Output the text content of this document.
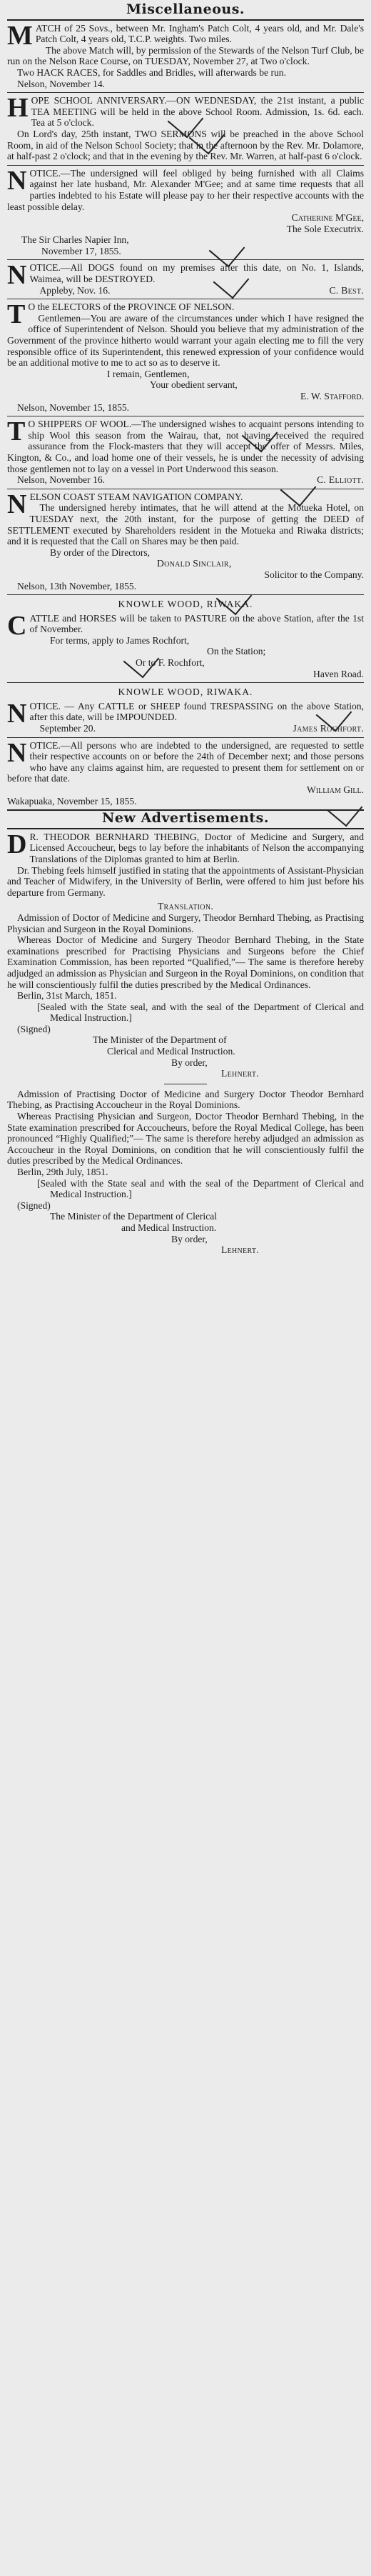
Miscellaneous.

MATCH of 25 Sovs., between Mr. Ingham's Patch Colt, 4 years old, and Mr. Dale's Patch Colt, 4 years old, T.C.P. weights. Two miles.

The above Match will, by permission of the Stewards of the Nelson Turf Club, be run on the Nelson Race Course, on TUESDAY, November 27, at Two o'clock.

Two HACK RACES, for Saddles and Bridles, will afterwards be run.

Nelson, November 14.

HOPE SCHOOL ANNIVERSARY.—ON WEDNESDAY, the 21st instant, a public TEA MEETING will be held in the above School Room. Admission, 1s. 6d. each. Tea at 5 o'clock.

On Lord's day, 25th instant, TWO SERMONS will be preached in the above School Room, in aid of the Nelson School Society; that in the afternoon by the Rev. Mr. Dolamore, at half-past 2 o'clock; and that in the evening by the Rev. Mr. Warren, at half-past 6 o'clock.

NOTICE.—The undersigned will feel obliged by being furnished with all Claims against her late husband, Mr. Alexander M'Gee; and at same time requests that all parties indebted to his Estate will please pay to her their respective accounts with the least possible delay.

Catherine M'Gee,

The Sole Executrix.

The Sir Charles Napier Inn,

November 17, 1855.

NOTICE.—All DOGS found on my premises after this date, on No. 1, Islands, Waimea, will be DESTROYED.

Appleby, Nov. 16.	C. Best.

T O the ELECTORS of the PROVINCE OF NELSON.

Gentlemen—You are aware of the circumstances under which I have resigned the office of Superintendent of Nelson. Should you believe that my administration of the Government of the province hitherto would warrant your again electing me to fill the very responsible office of its Superintendent, this renewed expression of your confidence would be an additional motive to me to act so as to deserve it.

I remain, Gentlemen,

Your obedient servant,

E. W. Stafford.

Nelson, November 15, 1855.

T O SHIPPERS OF WOOL.—The undersigned wishes to acquaint persons intending to ship Wool this season from the Wairau, that, not having received the required assurance from the Flock-masters that they will accept the offer of Messrs. Miles, Kington, & Co., and load home one of their vessels, he is under the necessity of advising those gentlemen not to lay on a vessel in Port Underwood this season.

Nelson, November 16.	C. Elliott.

NELSON COAST STEAM NAVIGATION COMPANY.

The undersigned hereby intimates, that he will attend at the Motueka Hotel, on TUESDAY next, the 20th instant, for the purpose of getting the DEED of SETTLEMENT executed by Shareholders resident in the Motueka and Riwaka districts; and it is requested that the Call on Shares may be then paid.

By order of the Directors,

Donald Sinclair,

Solicitor to the Company.

Nelson, 13th November, 1855.

KNOWLE WOOD, RIWAKA.

CATTLE and HORSES will be taken to PASTURE on the above Station, after the 1st of November.

For terms, apply to James Rochfort,

On the Station;

Or to F. Rochfort,

Haven Road.

KNOWLE WOOD, RIWAKA.

NOTICE. — Any CATTLE or SHEEP found TRESPASSING on the above Station, after this date, will be IMPOUNDED.

September 20.	James Rochfort.

NOTICE.—All persons who are indebted to the undersigned, are requested to settle their respective accounts on or before the 24th of December next; and those persons who have any claims against him, are requested to present them for settlement on or before that date.

William Gill.

Wakapuaka, November 15, 1855.

New Advertisements.

D R. THEODOR BERNHARD THEBING, Doctor of Medicine and Surgery, and Licensed Accoucheur, begs to lay before the inhabitants of Nelson the accompanying Translations of the Diplomas granted to him at Berlin.

Dr. Thebing feels himself justified in stating that the appointments of Assistant-Physician and Teacher of Midwifery, in the University of Berlin, were offered to him just before his departure from Germany.

Translation.

Admission of Doctor of Medicine and Surgery, Theodor Bernhard Thebing, as Practising Physician and Surgeon in the Royal Dominions.

Whereas Doctor of Medicine and Surgery Theodor Bernhard Thebing, in the State examinations prescribed for Practising Physicians and Surgeons before the Chief Examination Commission, has been reported “Qualified,”— The same is therefore hereby adjudged an admission as Physician and Surgeon in the Royal Dominions, on condition that he will conscientiously fulfil the duties prescribed by the Medical Ordinances.

Berlin, 31st March, 1851.

[Sealed with the State seal, and with the seal of the Department of Clerical and Medical Instruction.]

(Signed)

The Minister of the Department of

Clerical and Medical Instruction.

By order,

Lehnert.

Admission of Practising Doctor of Medicine and Surgery Doctor Theodor Bernhard Thebing, as Practising Accoucheur in the Royal Dominions.

Whereas Practising Physician and Surgeon, Doctor Theodor Bernhard Thebing, in the State examination prescribed for Accoucheurs, before the Royal Medical College, has been pronounced “Highly Qualified;”— The same is therefore hereby adjudged an admission as Accoucheur in the Royal Dominions, on condition that he will conscientiously fulfil the duties prescribed by the Medical Ordinances.

Berlin, 29th July, 1851.

[Sealed with the State seal and with the seal of the Department of Clerical and Medical Instruction.]

(Signed)

The Minister of the Department of Clerical

and Medical Instruction.

By order,

Lehnert.
